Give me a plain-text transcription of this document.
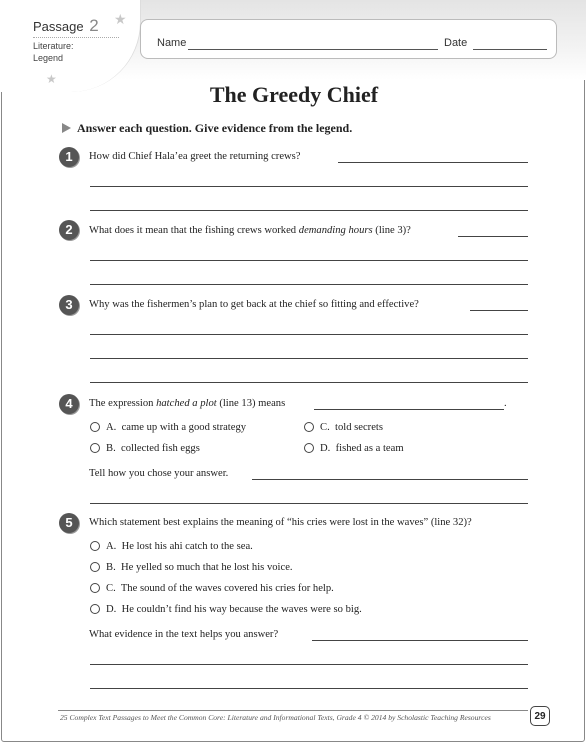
Passage 2
Literature:
Legend
★
★
Name	Date
The Greedy Chief
Answer each question. Give evidence from the legend.
1	How did Chief Hala’ea greet the returning crews?
2	What does it mean that the fishing crews worked demanding hours (line 3)?
3	Why was the fishermen’s plan to get back at the chief so fitting and effective?
4	The expression hatched a plot (line 13) means	.
A. came up with a good strategy	C. told secrets
B. collected fish eggs	D. fished as a team
Tell how you chose your answer.
5	Which statement best explains the meaning of “his cries were lost in the waves” (line 32)?
A. He lost his ahi catch to the sea.
B. He yelled so much that he lost his voice.
C. The sound of the waves covered his cries for help.
D. He couldn’t find his way because the waves were so big.
What evidence in the text helps you answer?
25 Complex Text Passages to Meet the Common Core: Literature and Informational Texts, Grade 4 © 2014 by Scholastic Teaching Resources	29
